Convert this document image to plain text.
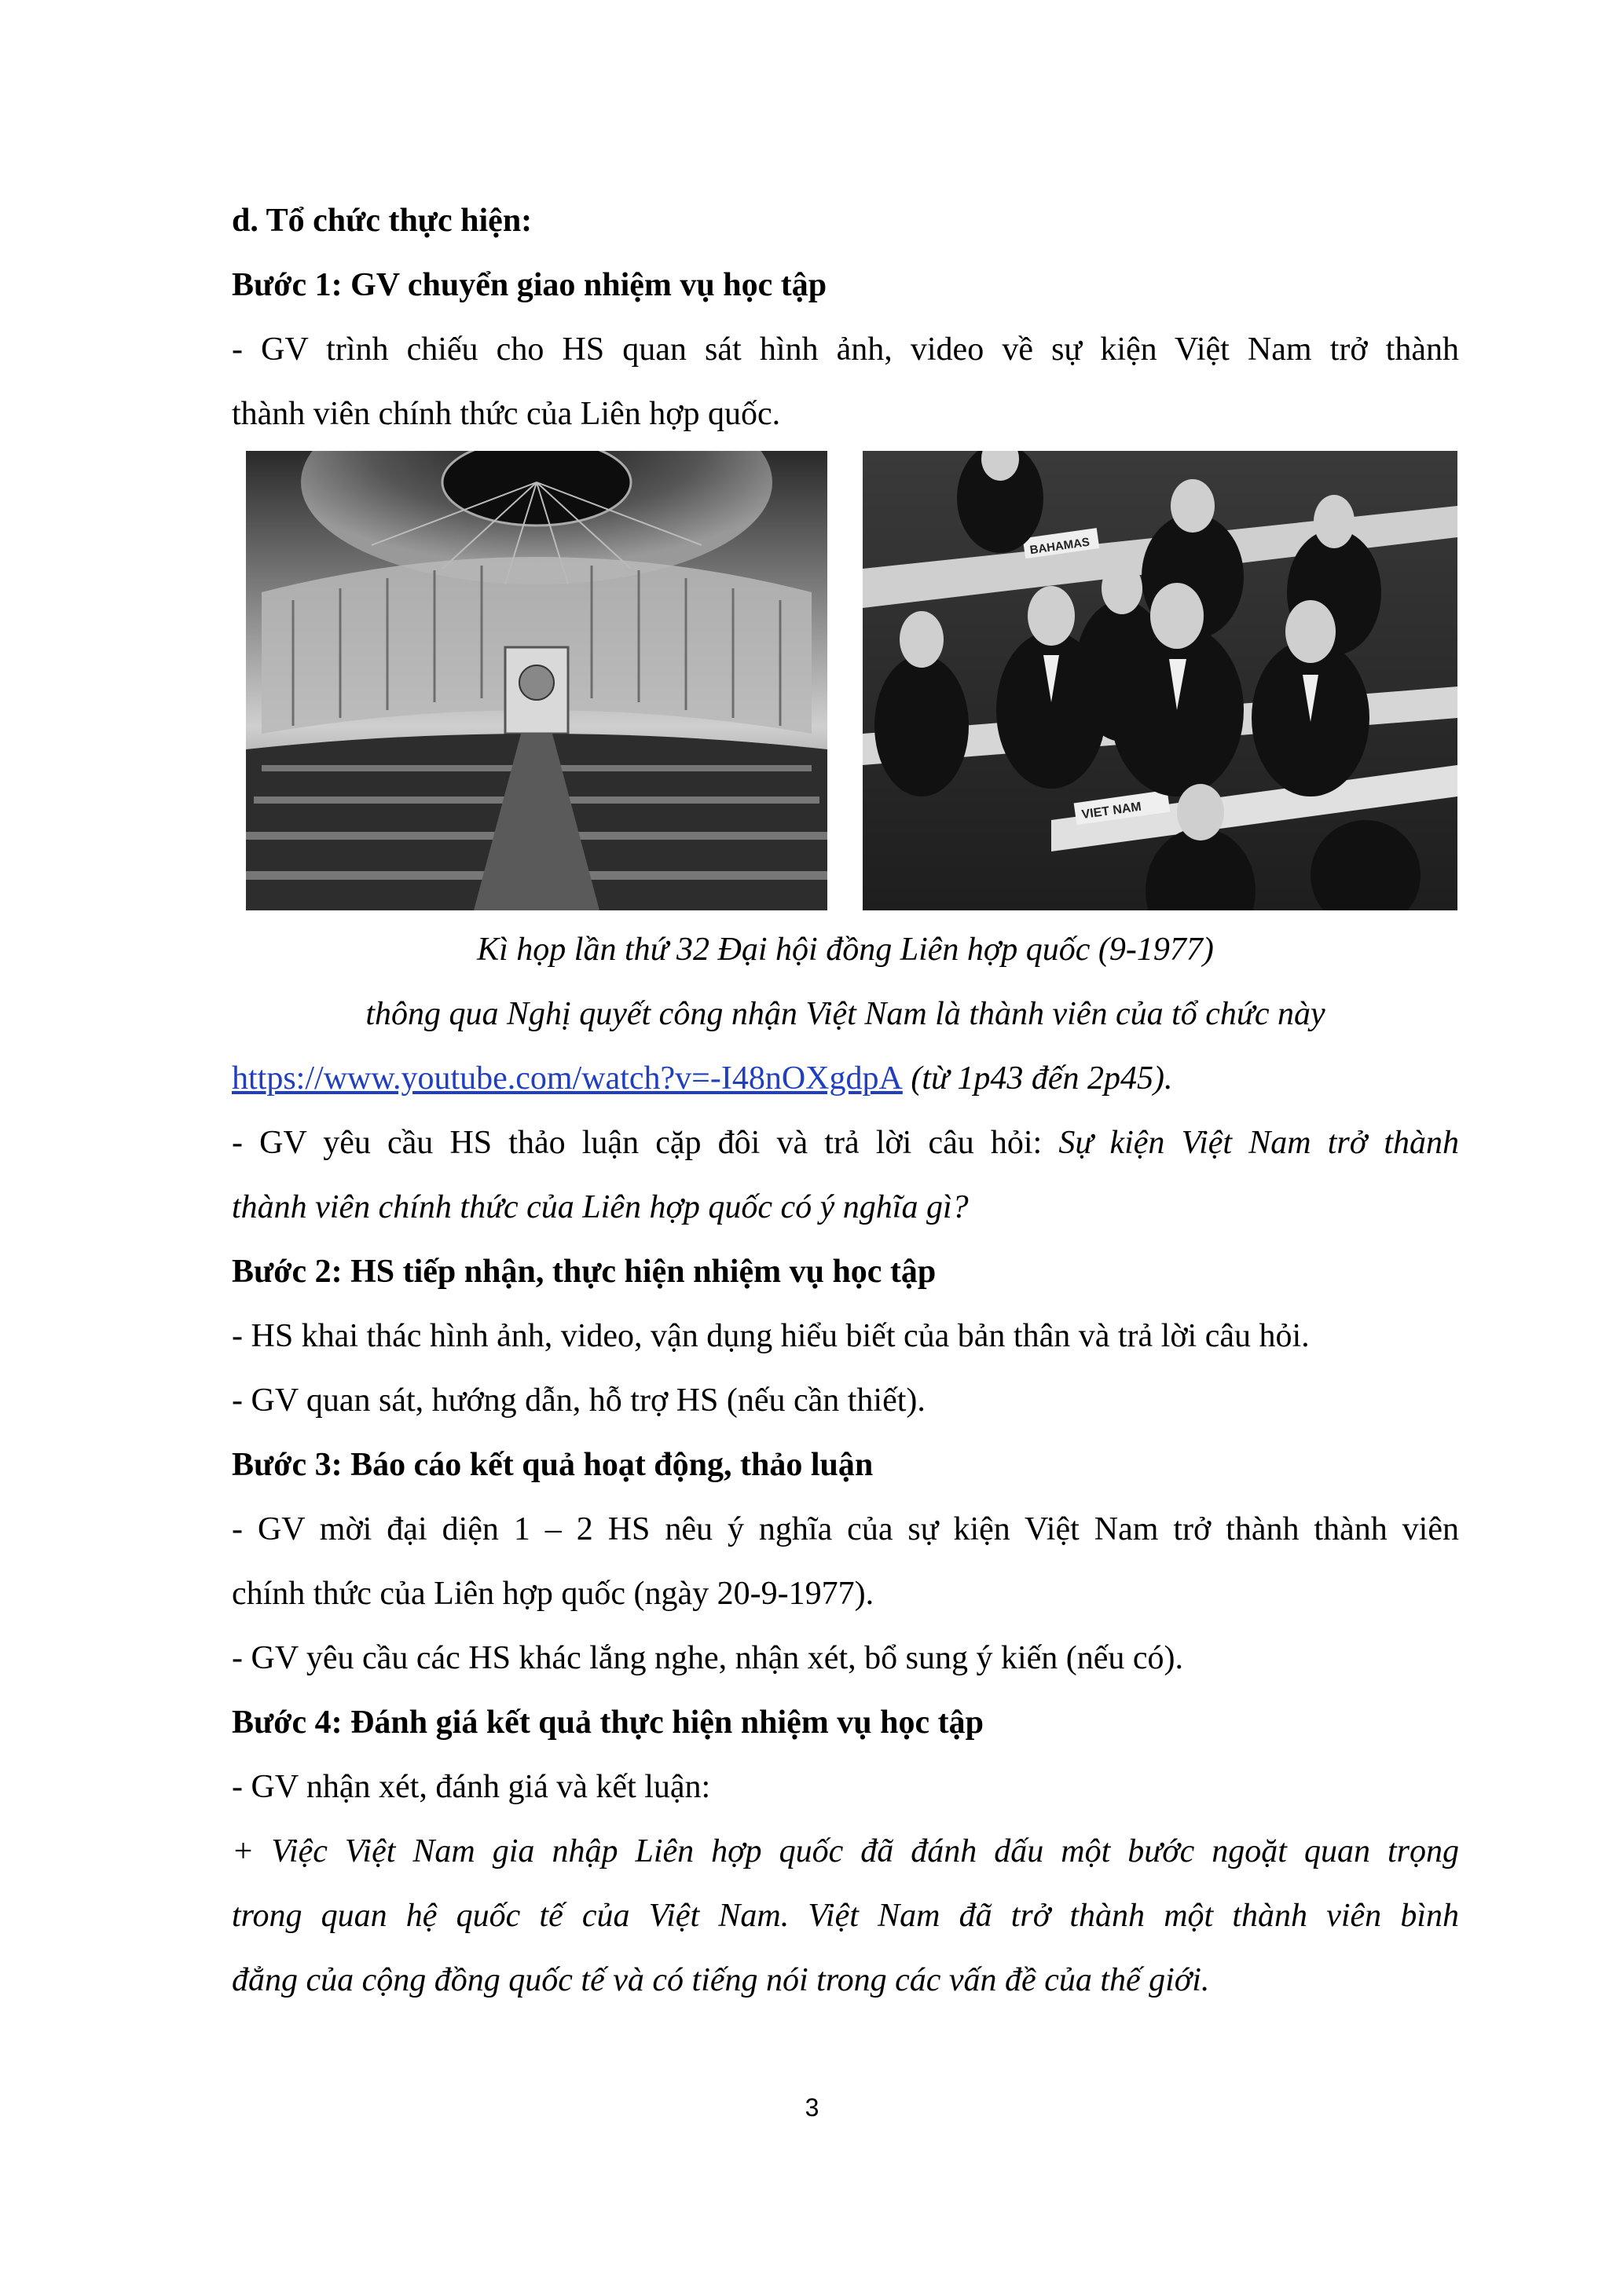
d. Tổ chức thực hiện:
Bước 1: GV chuyển giao nhiệm vụ học tập
- GV trình chiếu cho HS quan sát hình ảnh, video về sự kiện Việt Nam trở thành
thành viên chính thức của Liên hợp quốc.
BAHAMAS
VIET NAM
Kì họp lần thứ 32 Đại hội đồng Liên hợp quốc (9-1977)
thông qua Nghị quyết công nhận Việt Nam là thành viên của tổ chức này
https://www.youtube.com/watch?v=-I48nOXgdpA (từ 1p43 đến 2p45).
- GV yêu cầu HS thảo luận cặp đôi và trả lời câu hỏi: Sự kiện Việt Nam trở thành
thành viên chính thức của Liên hợp quốc có ý nghĩa gì?
Bước 2: HS tiếp nhận, thực hiện nhiệm vụ học tập
- HS khai thác hình ảnh, video, vận dụng hiểu biết của bản thân và trả lời câu hỏi.
- GV quan sát, hướng dẫn, hỗ trợ HS (nếu cần thiết).
Bước 3: Báo cáo kết quả hoạt động, thảo luận
- GV mời đại diện 1 – 2 HS nêu ý nghĩa của sự kiện Việt Nam trở thành thành viên
chính thức của Liên hợp quốc (ngày 20-9-1977).
- GV yêu cầu các HS khác lắng nghe, nhận xét, bổ sung ý kiến (nếu có).
Bước 4: Đánh giá kết quả thực hiện nhiệm vụ học tập
- GV nhận xét, đánh giá và kết luận:
+ Việc Việt Nam gia nhập Liên hợp quốc đã đánh dấu một bước ngoặt quan trọng
trong quan hệ quốc tế của Việt Nam. Việt Nam đã trở thành một thành viên bình
đẳng của cộng đồng quốc tế và có tiếng nói trong các vấn đề của thế giới.
3
